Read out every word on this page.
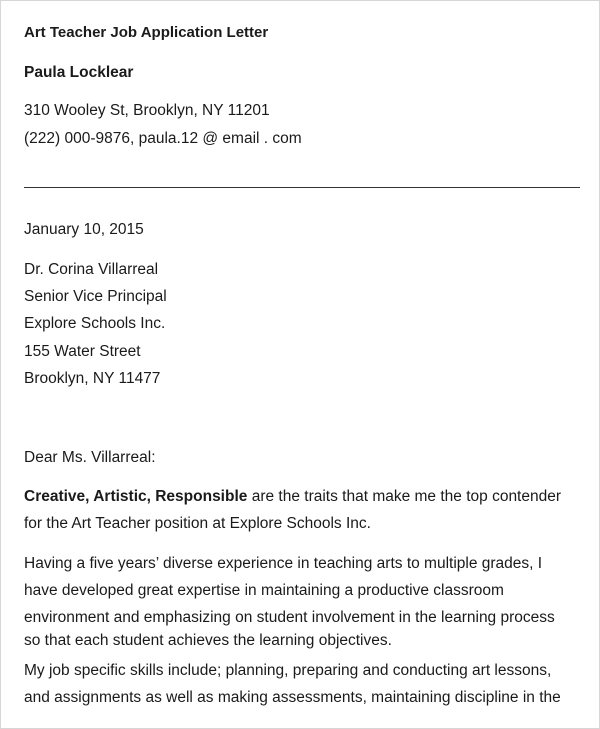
Art Teacher Job Application Letter
Paula Locklear
310 Wooley St, Brooklyn, NY 11201
(222) 000-9876, paula.12 @ email . com
January 10, 2015
Dr. Corina Villarreal
Senior Vice Principal
Explore Schools Inc.
155 Water Street
Brooklyn, NY 11477
Dear Ms. Villarreal:
Creative, Artistic, Responsible are the traits that make me the top contender
for the Art Teacher position at Explore Schools Inc.
Having a five years’ diverse experience in teaching arts to multiple grades, I
have developed great expertise in maintaining a productive classroom
environment and emphasizing on student involvement in the learning process
so that each student achieves the learning objectives.
My job specific skills include; planning, preparing and conducting art lessons,
and assignments as well as making assessments, maintaining discipline in the
